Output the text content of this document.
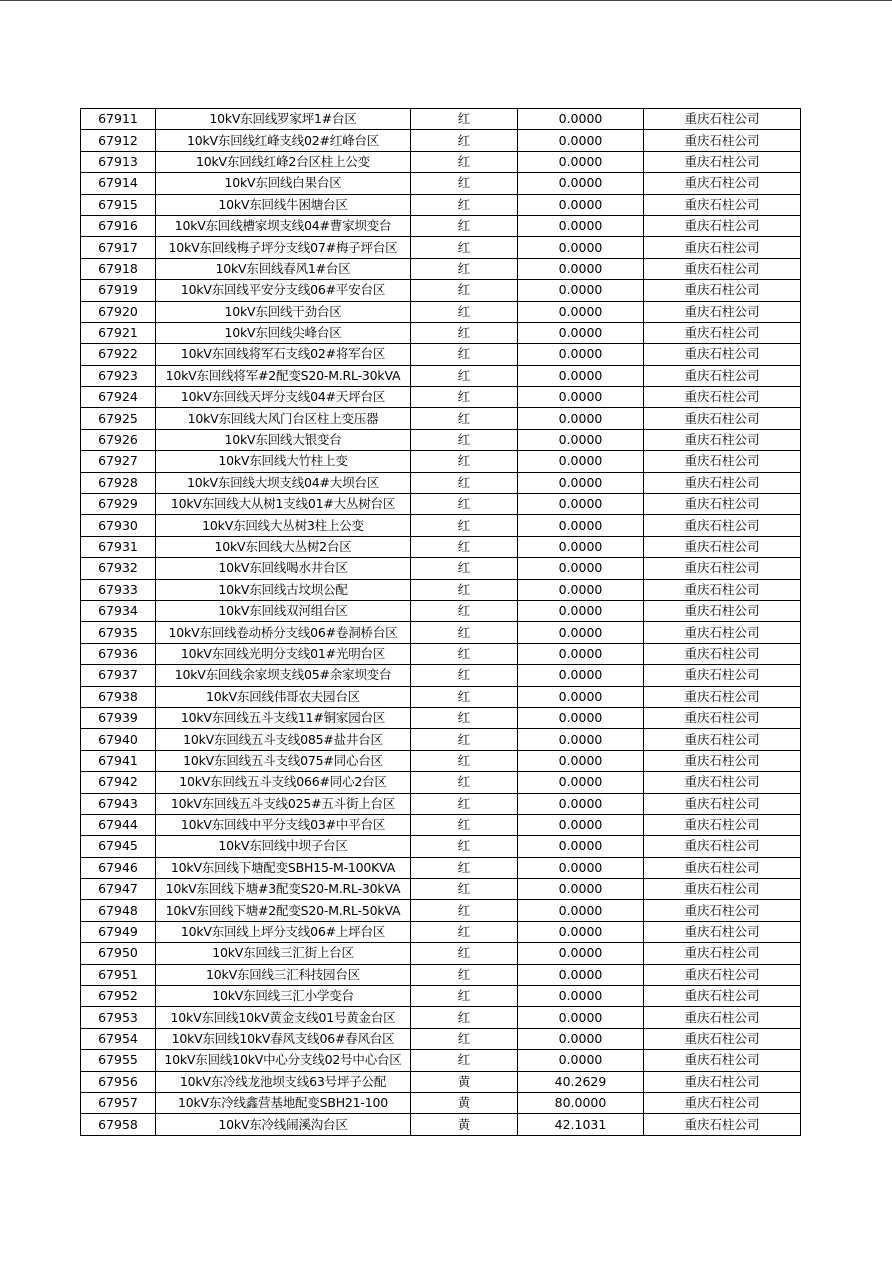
67911	10kV东回线罗家坪1#台区	红	0.0000	重庆石柱公司
67912	10kV东回线红峰支线02#红峰台区	红	0.0000	重庆石柱公司
67913	10kV东回线红峰2台区柱上公变	红	0.0000	重庆石柱公司
67914	10kV东回线白果台区	红	0.0000	重庆石柱公司
67915	10kV东回线牛困塘台区	红	0.0000	重庆石柱公司
67916	10kV东回线槽家坝支线04#曹家坝变台	红	0.0000	重庆石柱公司
67917	10kV东回线梅子坪分支线07#梅子坪台区	红	0.0000	重庆石柱公司
67918	10kV东回线春风1#台区	红	0.0000	重庆石柱公司
67919	10kV东回线平安分支线06#平安台区	红	0.0000	重庆石柱公司
67920	10kV东回线干劲台区	红	0.0000	重庆石柱公司
67921	10kV东回线尖峰台区	红	0.0000	重庆石柱公司
67922	10kV东回线将军石支线02#将军台区	红	0.0000	重庆石柱公司
67923	10kV东回线将军#2配变S20-M.RL-30kVA	红	0.0000	重庆石柱公司
67924	10kV东回线天坪分支线04#天坪台区	红	0.0000	重庆石柱公司
67925	10kV东回线大风门台区柱上变压器	红	0.0000	重庆石柱公司
67926	10kV东回线大银变台	红	0.0000	重庆石柱公司
67927	10kV东回线大竹柱上变	红	0.0000	重庆石柱公司
67928	10kV东回线大坝支线04#大坝台区	红	0.0000	重庆石柱公司
67929	10kV东回线大从树1支线01#大丛树台区	红	0.0000	重庆石柱公司
67930	10kV东回线大丛树3柱上公变	红	0.0000	重庆石柱公司
67931	10kV东回线大丛树2台区	红	0.0000	重庆石柱公司
67932	10kV东回线喝水井台区	红	0.0000	重庆石柱公司
67933	10kV东回线古坟坝公配	红	0.0000	重庆石柱公司
67934	10kV东回线双河组台区	红	0.0000	重庆石柱公司
67935	10kV东回线卷动桥分支线06#卷洞桥台区	红	0.0000	重庆石柱公司
67936	10kV东回线光明分支线01#光明台区	红	0.0000	重庆石柱公司
67937	10kV东回线余家坝支线05#余家坝变台	红	0.0000	重庆石柱公司
67938	10kV东回线伟哥农夫园台区	红	0.0000	重庆石柱公司
67939	10kV东回线五斗支线11#铜家园台区	红	0.0000	重庆石柱公司
67940	10kV东回线五斗支线085#盐井台区	红	0.0000	重庆石柱公司
67941	10kV东回线五斗支线075#同心台区	红	0.0000	重庆石柱公司
67942	10kV东回线五斗支线066#同心2台区	红	0.0000	重庆石柱公司
67943	10kV东回线五斗支线025#五斗街上台区	红	0.0000	重庆石柱公司
67944	10kV东回线中平分支线03#中平台区	红	0.0000	重庆石柱公司
67945	10kV东回线中坝子台区	红	0.0000	重庆石柱公司
67946	10kV东回线下塘配变SBH15-M-100KVA	红	0.0000	重庆石柱公司
67947	10kV东回线下塘#3配变S20-M.RL-30kVA	红	0.0000	重庆石柱公司
67948	10kV东回线下塘#2配变S20-M.RL-50kVA	红	0.0000	重庆石柱公司
67949	10kV东回线上坪分支线06#上坪台区	红	0.0000	重庆石柱公司
67950	10kV东回线三汇街上台区	红	0.0000	重庆石柱公司
67951	10kV东回线三汇科技园台区	红	0.0000	重庆石柱公司
67952	10kV东回线三汇小学变台	红	0.0000	重庆石柱公司
67953	10kV东回线10kV黄金支线01号黄金台区	红	0.0000	重庆石柱公司
67954	10kV东回线10kV春风支线06#春风台区	红	0.0000	重庆石柱公司
67955	10kV东回线10kV中心分支线02号中心台区	红	0.0000	重庆石柱公司
67956	10kV东冷线龙池坝支线63号坪子公配	黄	40.2629	重庆石柱公司
67957	10kV东冷线鑫营基地配变SBH21-100	黄	80.0000	重庆石柱公司
67958	10kV东冷线闹溪沟台区	黄	42.1031	重庆石柱公司
